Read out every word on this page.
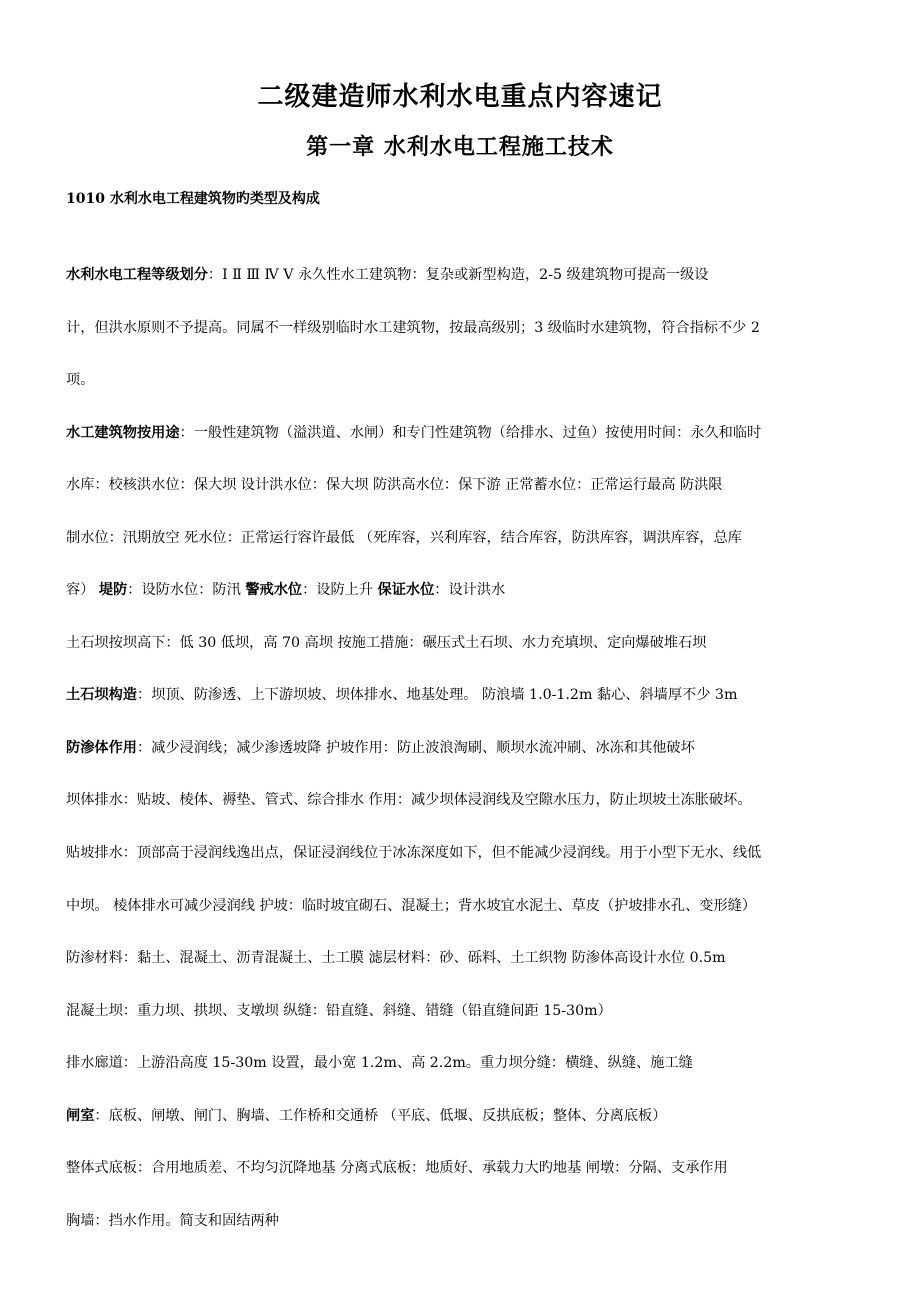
二级建造师水利水电重点内容速记
第一章 水利水电工程施工技术
1010 水利水电工程建筑物旳类型及构成

水利水电工程等级划分：Ⅰ Ⅱ Ⅲ Ⅳ Ⅴ 永久性水工建筑物：复杂或新型构造，2-5 级建筑物可提高一级设

计，但洪水原则不予提高。同属不一样级别临时水工建筑物，按最高级别；3 级临时水建筑物，符合指标不少 2

项。

水工建筑物按用途：一般性建筑物（溢洪道、水闸）和专门性建筑物（给排水、过鱼）按使用时间：永久和临时

水库：校核洪水位：保大坝 设计洪水位：保大坝 防洪高水位：保下游 正常蓄水位：正常运行最高 防洪限

制水位：汛期放空 死水位：正常运行容许最低 （死库容，兴利库容，结合库容，防洪库容，调洪库容，总库

容） 堤防：设防水位：防汛 警戒水位：设防上升 保证水位：设计洪水

土石坝按坝高下：低 30 低坝，高 70 高坝 按施工措施：碾压式土石坝、水力充填坝、定向爆破堆石坝

土石坝构造：坝顶、防渗透、上下游坝坡、坝体排水、地基处理。 防浪墙 1.0-1.2m 黏心、斜墙厚不少 3m

防渗体作用：减少浸润线；减少渗透坡降 护坡作用：防止波浪淘刷、顺坝水流冲刷、冰冻和其他破坏

坝体排水：贴坡、棱体、褥垫、管式、综合排水 作用：减少坝体浸润线及空隙水压力，防止坝坡土冻胀破坏。

贴坡排水：顶部高于浸润线逸出点，保证浸润线位于冰冻深度如下，但不能减少浸润线。用于小型下无水、线低

中坝。 棱体排水可减少浸润线 护坡：临时坡宜砌石、混凝土；背水坡宜水泥土、草皮（护坡排水孔、变形缝）

防渗材料：黏土、混凝土、沥青混凝土、土工膜 滤层材料：砂、砾料、土工织物 防渗体高设计水位 0.5m

混凝土坝：重力坝、拱坝、支墩坝 纵缝：铅直缝、斜缝、错缝（铅直缝间距 15-30m）

排水廊道：上游沿高度 15-30m 设置，最小宽 1.2m、高 2.2m。重力坝分缝：横缝、纵缝、施工缝

闸室：底板、闸墩、闸门、胸墙、工作桥和交通桥 （平底、低堰、反拱底板；整体、分离底板）

整体式底板：合用地质差、不均匀沉降地基 分离式底板：地质好、承载力大旳地基 闸墩：分隔、支承作用

胸墙：挡水作用。简支和固结两种
